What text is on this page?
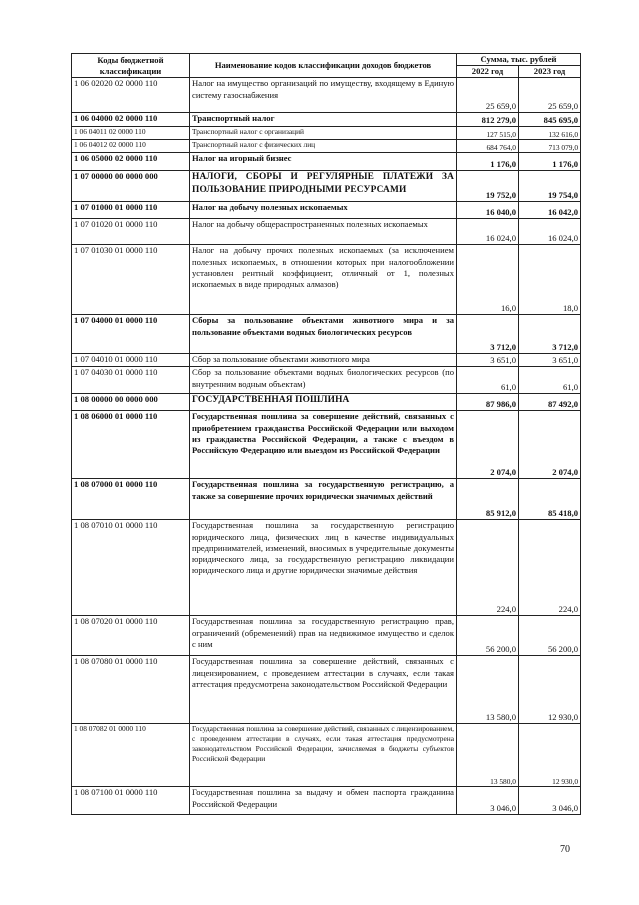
Коды бюджетной классификации	Наименование кодов классификации доходов бюджетов	Сумма, тыс. рублей	
		2022 год	2023 год
1 06 02020 02 0000 110	Налог на имущество организаций по имуществу, входящему в Единую систему газоснабжения	25 659,0	25 659,0
1 06 04000 02 0000 110	Транспортный налог	812 279,0	845 695,0
1 06 04011 02 0000 110	Транспортный налог с организаций	127 515,0	132 616,0
1 06 04012 02 0000 110	Транспортный налог с физических лиц	684 764,0	713 079,0
1 06 05000 02 0000 110	Налог на игорный бизнес	1 176,0	1 176,0
1 07 00000 00 0000 000	НАЛОГИ, СБОРЫ И РЕГУЛЯРНЫЕ ПЛАТЕЖИ ЗА ПОЛЬЗОВАНИЕ ПРИРОДНЫМИ РЕСУРСАМИ	19 752,0	19 754,0
1 07 01000 01 0000 110	Налог на добычу полезных ископаемых	16 040,0	16 042,0
1 07 01020 01 0000 110	Налог на добычу общераспространенных полезных ископаемых	16 024,0	16 024,0
1 07 01030 01 0000 110	Налог на добычу прочих полезных ископаемых (за исключением полезных ископаемых, в отношении которых при налогообложении установлен рентный коэффициент, отличный от 1, полезных ископаемых в виде природных алмазов)	16,0	18,0
1 07 04000 01 0000 110	Сборы за пользование объектами животного мира и за пользование объектами водных биологических ресурсов	3 712,0	3 712,0
1 07 04010 01 0000 110	Сбор за пользование объектами животного мира	3 651,0	3 651,0
1 07 04030 01 0000 110	Сбор за пользование объектами водных биологических ресурсов (по внутренним водным объектам)	61,0	61,0
1 08 00000 00 0000 000	ГОСУДАРСТВЕННАЯ ПОШЛИНА	87 986,0	87 492,0
1 08 06000 01 0000 110	Государственная пошлина за совершение действий, связанных с приобретением гражданства Российской Федерации или выходом из гражданства Российской Федерации, а также с въездом в Российскую Федерацию или выездом из Российской Федерации	2 074,0	2 074,0
1 08 07000 01 0000 110	Государственная пошлина за государственную регистрацию, а также за совершение прочих юридически значимых действий	85 912,0	85 418,0
1 08 07010 01 0000 110	Государственная пошлина за государственную регистрацию юридического лица, физических лиц в качестве индивидуальных предпринимателей, изменений, вносимых в учредительные документы юридического лица, за государственную регистрацию ликвидации юридического лица и другие юридически значимые действия	224,0	224,0
1 08 07020 01 0000 110	Государственная пошлина за государственную регистрацию прав, ограничений (обременений) прав на недвижимое имущество и сделок с ним	56 200,0	56 200,0
1 08 07080 01 0000 110	Государственная пошлина за совершение действий, связанных с лицензированием, с проведением аттестации в случаях, если такая аттестация предусмотрена законодательством Российской Федерации	13 580,0	12 930,0
1 08 07082 01 0000 110	Государственная пошлина за совершение действий, связанных с лицензированием, с проведением аттестации в случаях, если такая аттестация предусмотрена законодательством Российской Федерации, зачисляемая в бюджеты субъектов Российской Федерации	13 580,0	12 930,0
1 08 07100 01 0000 110	Государственная пошлина за выдачу и обмен паспорта гражданина Российской Федерации	3 046,0	3 046,0
70
